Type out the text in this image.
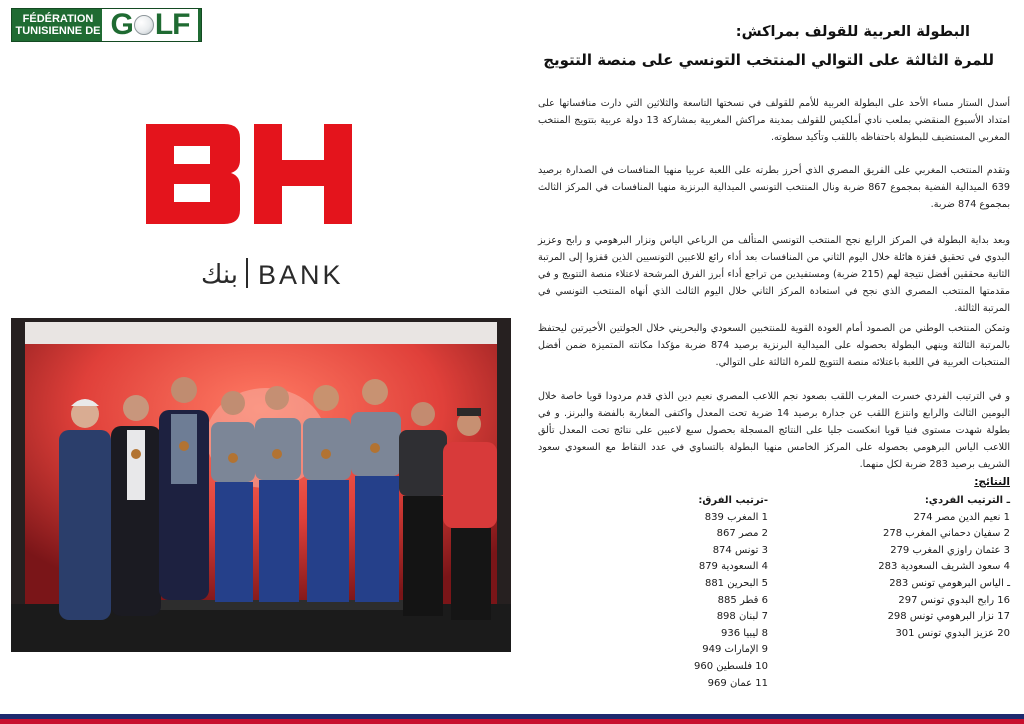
FÉDÉRATION
TUNISIENNE DE G LF	البطولة العربية للقولف بمراكش:
للمرة الثالثة على التوالي المنتخب التونسي على منصة التتويج
بنك BANK

أسدل الستار مساء الأحد على البطولة العربية للأمم للقولف في نسختها التاسعة والثلاثين التي دارت منافساتها على امتداد الأسبوع المنقضي بملعب نادي أملكيس للقولف بمدينة مراكش المغربية بمشاركة 13 دولة عربية بتتويج المنتخب المغربي المستضيف للبطولة باحتفاظه باللقب وتأكيد سطوته.

وتقدم المنتخب المغربي على الفريق المصري الذي أحرز بطرته على اللعبة عربيا منهيا المنافسات في الصدارة برصيد 639 الميدالية الفضية بمجموع 867 ضربة ونال المنتخب التونسي الميدالية البرنزية منهيا المنافسات في المركز الثالث بمجموع 874 ضربة.

وبعد بداية البطولة في المركز الرابع نجح المنتخب التونسي المتألف من الرباعي الياس ونزار البرهومي و رابح وعزيز البدوي في تحقيق قفزة هائلة خلال اليوم الثاني من المنافسات بعد أداء رائع للاعبين التونسيين الذين قفزوا إلى المرتبة الثانية محققين أفضل نتيجة لهم (215 ضربة) ومستفيدين من تراجع أداء أبرز الفرق المرشحة لاعتلاء منصة التتويج و في مقدمتها المنتخب المصري الذي نجح في استعادة المركز الثاني خلال اليوم الثالث الذي أنهاه المنتخب التونسي في المرتبة الثالثة.

وتمكن المنتخب الوطني من الصمود أمام العودة القوية للمنتخبين السعودي والبحريني خلال الجولتين الأخيرتين ليحتفظ بالمرتبة الثالثة وينهي البطولة بحصوله على الميدالية البرنزية برصيد 874 ضربة مؤكدا مكانته المتميزة ضمن أفضل المنتخبات العربية في اللعبة باعتلائه منصة التتويج للمرة الثالثة على التوالي.

و في الترتيب الفردي خسرت المغرب اللقب بصعود نجم اللاعب المصري نعيم دين الذي قدم مردودا قويا خاصة خلال اليومين الثالث والرابع وانتزع اللقب عن جدارة برصيد 14 ضربة تحت المعدل واكتفى المغاربة بالفضة والبرنز. و في بطولة شهدت مستوى فنيا قويا انعكست جليا على النتائج المسجلة بحصول سبع لاعبين على نتائج تحت المعدل تألق اللاعب الياس البرهومي بحصوله على المركز الخامس منهيا البطولة بالتساوي في عدد النقاط مع السعودي سعود الشريف برصيد 283 ضربة لكل منهما.

النتائج:
ـ الترتيب الفردي:
1 نعيم الدين مصر 274
2 سفيان دحماني المغرب 278
3 عثمان راوزي المغرب 279
4 سعود الشريف السعودية 283
ـ الياس البرهومي تونس 283
16 رابح البدوي تونس 297
17 نزار البرهومي تونس 298
20 عزيز البدوي تونس 301
-ترتيب الفرق:
1 المغرب 839
2 مصر 867
3 تونس 874
4 السعودية 879
5 البحرين 881
6 قطر 885
7 لبنان 898
8 ليبيا 936
9 الإمارات 949
10 فلسطين 960
11 عمان 969
